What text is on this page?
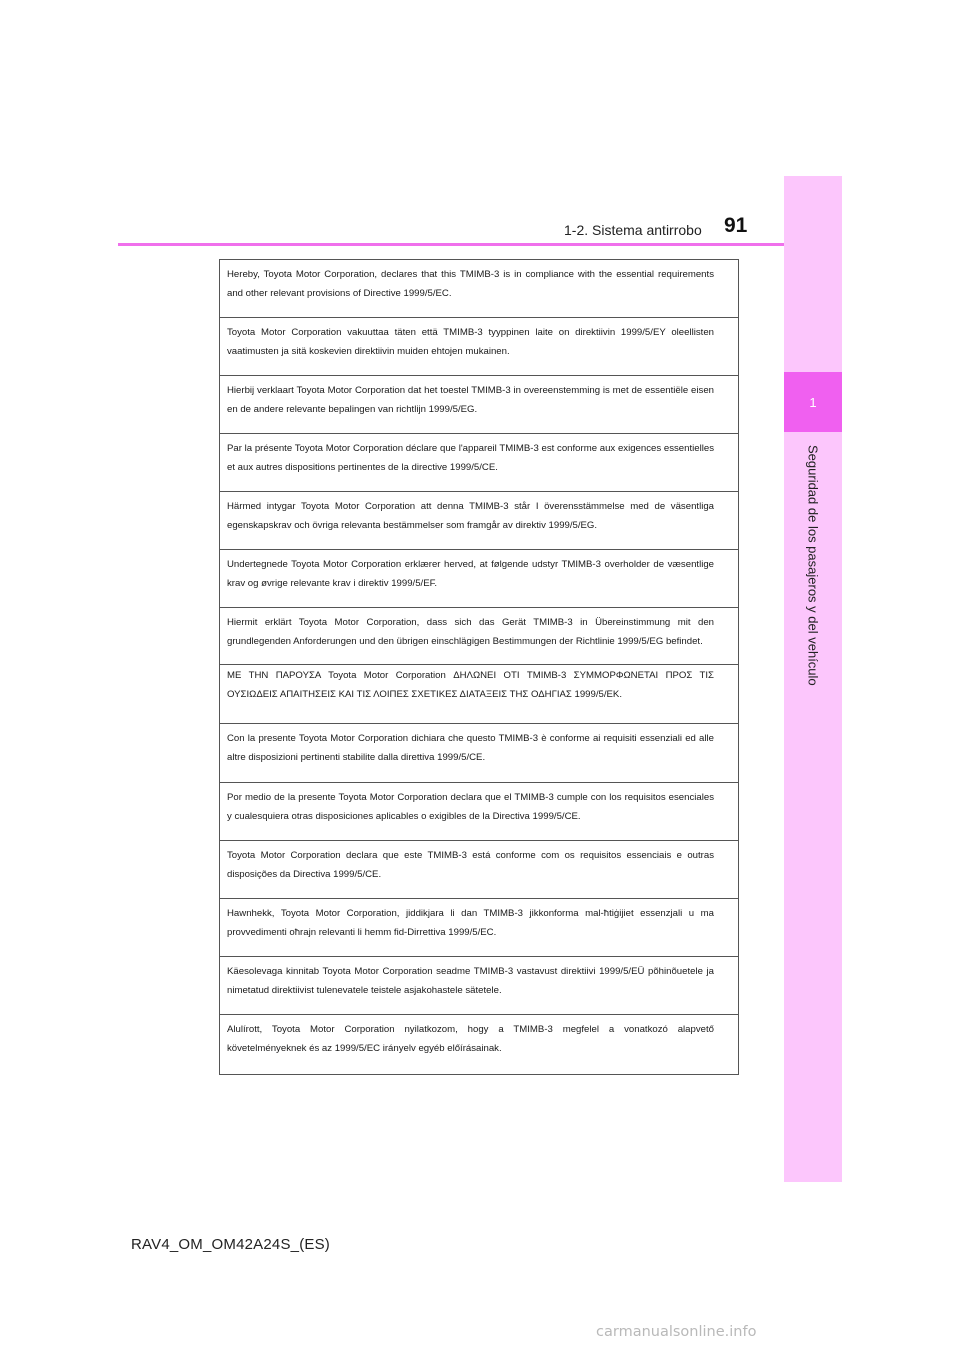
1
Seguridad de los pasajeros y del vehículo
1-2. Sistema antirrobo 91
Hereby, Toyota Motor Corporation, declares that this TMIMB-3 is in compliance with the essential requirements and other relevant provisions of Directive 1999/5/EC.
Toyota Motor Corporation vakuuttaa täten että TMIMB-3 tyyppinen laite on direktiivin 1999/5/EY oleellisten vaatimusten ja sitä koskevien direktiivin muiden ehtojen mukainen.
Hierbij verklaart Toyota Motor Corporation dat het toestel TMIMB-3 in overeenstemming is met de essentiële eisen en de andere relevante bepalingen van richtlijn 1999/5/EG.
Par la présente Toyota Motor Corporation déclare que l'appareil TMIMB-3 est conforme aux exigences essentielles et aux autres dispositions pertinentes de la directive 1999/5/CE.
Härmed intygar Toyota Motor Corporation att denna TMIMB-3 står I överensstämmelse med de väsentliga egenskapskrav och övriga relevanta bestämmelser som framgår av direktiv 1999/5/EG.
Undertegnede Toyota Motor Corporation erklærer herved, at følgende udstyr TMIMB-3 overholder de væsentlige krav og øvrige relevante krav i direktiv 1999/5/EF.
Hiermit erklärt Toyota Motor Corporation, dass sich das Gerät TMIMB-3 in Übereinstimmung mit den grundlegenden Anforderungen und den übrigen einschlägigen Bestimmungen der Richtlinie 1999/5/EG befindet.
ΜΕ ΤΗΝ ΠΑΡΟΥΣΑ Toyota Motor Corporation ΔΗΛΩΝΕΙ ΟΤΙ TMIMB-3 ΣΥΜΜΟΡΦΩΝΕΤΑΙ ΠΡΟΣ ΤΙΣ ΟΥΣΙΩΔΕΙΣ ΑΠΑΙΤΗΣΕΙΣ ΚΑΙ ΤΙΣ ΛΟΙΠΕΣ ΣΧΕΤΙΚΕΣ ΔΙΑΤΑΞΕΙΣ ΤΗΣ ΟΔΗΓΙΑΣ 1999/5/ΕΚ.
Con la presente Toyota Motor Corporation dichiara che questo TMIMB-3 è conforme ai requisiti essenziali ed alle altre disposizioni pertinenti stabilite dalla direttiva 1999/5/CE.
Por medio de la presente Toyota Motor Corporation declara que el TMIMB-3 cumple con los requisitos esenciales y cualesquiera otras disposiciones aplicables o exigibles de la Directiva 1999/5/CE.
Toyota Motor Corporation declara que este TMIMB-3 está conforme com os requisitos essenciais e outras disposições da Directiva 1999/5/CE.
Hawnhekk, Toyota Motor Corporation, jiddikjara li dan TMIMB-3 jikkonforma mal-ħtiġijiet essenzjali u ma provvedimenti oħrajn relevanti li hemm fid-Dirrettiva 1999/5/EC.
Käesolevaga kinnitab Toyota Motor Corporation seadme TMIMB-3 vastavust direktiivi 1999/5/EÜ põhinõuetele ja nimetatud direktiivist tulenevatele teistele asjakohastele sätetele.
Alulírott, Toyota Motor Corporation nyilatkozom, hogy a TMIMB-3 megfelel a vonatkozó alapvető követelményeknek és az 1999/5/EC irányelv egyéb előírásainak.
RAV4_OM_OM42A24S_(ES)
carmanualsonline.info
